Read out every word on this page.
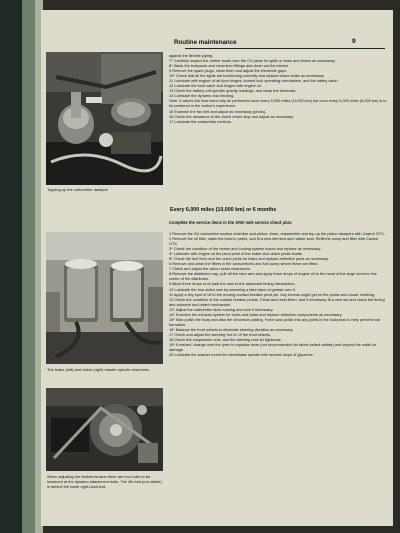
Routine maintenance	9
Topping-up the carburettor dashpot
The brake (left) and clutch (right) master cylinder reservoirs
When adjusting the fanbelt tension there are four bolts to be loosened at the dynamo attachment bolts. The 4th bolt (not visible) is behind the lower right-hand bolt.

against the flexible piping.

7* Carefully inspect the rubber boots over the CV joints for splits or tears and renew as necessary.

8* Wash the bodywork and chromium fittings and clean out the interior.

9 Remove the spark plugs, clean them and adjust the electrode gaps.

10* Check that all the lights are functioning correctly and replace blown bulbs as necessary.

11 Lubricate with engine oil all door hinges, bonnet lock operating mechanism, and the safety catch.

12 Lubricate the boot catch and hinges with engine oil.

13 Check the battery cell specific gravity readings, and clean the terminals.

14 Lubricate the dynamo rear bearing.

Note: If valves tick less need only be performed once every 6,000 miles (10,000 km) but once every 3,000 miles (5,000 km) is to be preferred in the author's experience.

15 Examine the fan belt and adjust as necessary (photo).

16 Check the clearance at the clutch return stop and adjust as necessary.

17 Lubricate the carburettor controls.

Every 6,000 miles (10,000 km) or 6 months
Complete the service items in the 3000 mile service check plus:

1 Remove the SU carburettor suction chamber and piston; clean, reassemble and top-up the piston dampers with Castrol GTX.

2 Remove the oil filter, wash the bowl in petrol, and fit a new element and rubber seal. Refill the sump and filter with Castrol GTX.

3* Check the condition of the heater and cooling system hoses and replace as necessary.

4* Lubricate with engine oil the pivot point of the brake and clutch pedal shafts.

5* Check the fuel lines and the union joints for leaks and replace defective parts as necessary.

6 Remove and clean the filters in the carburettor/s and fuel pump where these are fitted.

7 Check and adjust the valve rocker clearances.

8 Remove the distributor cap, pull off the rotor arm and apply three drops of engine oil to the head of the large screw in the centre of the distributor.

9 Allow three drops of oil past the cam to the automatic timing mechanism.

10 Lubricate the four-sided cam by smearing a faint trace of grease over it.

11 Apply a tiny spot of oil to the moving contact breaker pivot pin. Any excess might get on the points and cause misfiring.

12 Check the condition of the contact breaker points. Clean and reset them, and if necessary fit a new set and check the timing and advance and retard mechanism.

13* Adjust the carburettor slow running and tune if necessary.

14* Examine the exhaust system for holes and leaks and replace defective components as necessary.

15* Wax polish the body and also the chromium plating. Force wax polish into any joints in the bodywork to help prevent rust formation.

16* Balance the front wheels to eliminate steering vibration as necessary.

17 Check and adjust the steering 'toe-in' of the front wheels.

18 Check the suspension nuts, and the steering nuts for tightness.

19* If wished, change over the tyres to equalise wear (not recommended for fabric belted radials) and inspect the walls for damage.

20 Lubricate the washer round the wheelbase spindle with several drops of glycerine.
